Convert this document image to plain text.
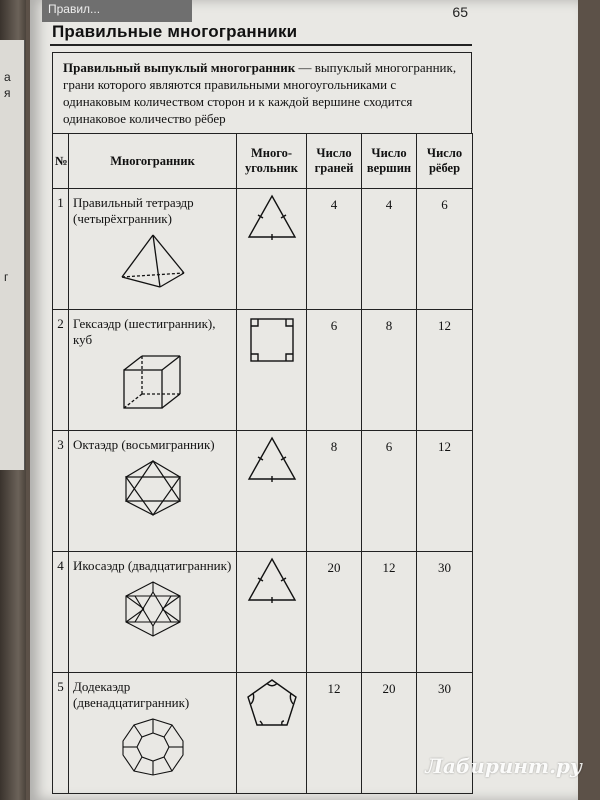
а
я
г
Правил...	65
Правильные многогранники
Правильный выпуклый многогранник — выпуклый многогранник, грани которого являются правильными многоугольниками с одинаковым количеством сторон и к каждой вершине сходится одинаковое количество рёбер
№	Многогранник	Много-угольник	Число граней	Число вершин	Число рёбер
1	Правильный тетраэдр (четырёхгранник)		4	4	6
2	Гексаэдр (шестигранник), куб		6	8	12
3	Октаэдр (восьмигранник)		8	6	12
4	Икосаэдр (двадцатигранник)		20	12	30
5	Додекаэдр (двенадцатигранник)		12	20	30
Лабиринт.ру
